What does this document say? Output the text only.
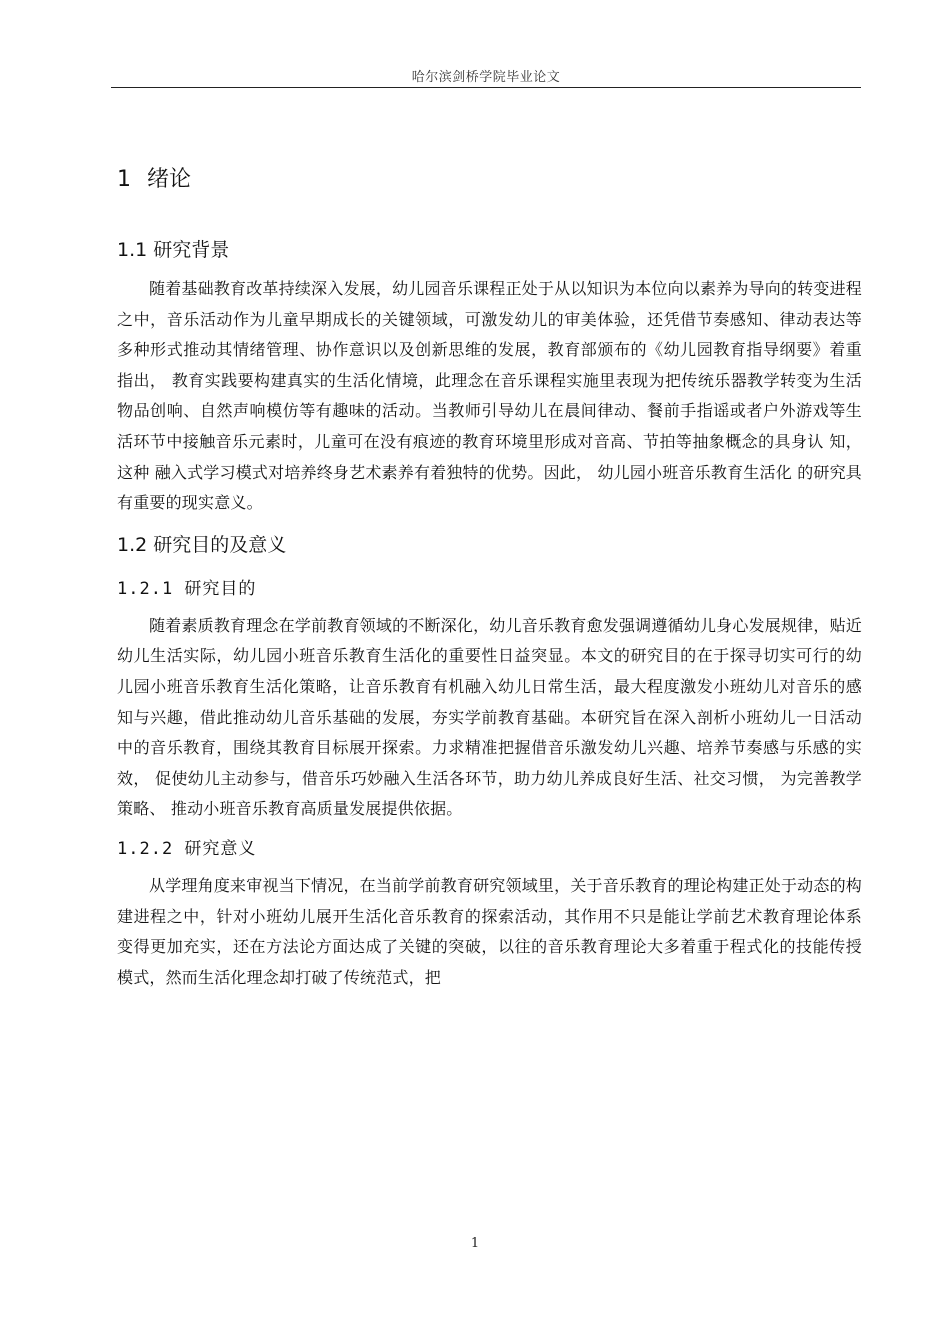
哈尔滨剑桥学院毕业论文
1 绪论
1.1 研究背景

随着基础教育改革持续深入发展，幼儿园音乐课程正处于从以知识为本位向以素养为导向的转变进程之中，音乐活动作为儿童早期成长的关键领域，可激发幼儿的审美体验，还凭借节奏感知、律动表达等多种形式推动其情绪管理、协作意识以及创新思维的发展，教育部颁布的《幼儿园教育指导纲要》着重指出， 教育实践要构建真实的生活化情境，此理念在音乐课程实施里表现为把传统乐器教学转变为生活物品创响、自然声响模仿等有趣味的活动。当教师引导幼儿在晨间律动、餐前手指谣或者户外游戏等生活环节中接触音乐元素时，儿童可在没有痕迹的教育环境里形成对音高、节拍等抽象概念的具身认 知， 这种 融入式学习模式对培养终身艺术素养有着独特的优势。因此， 幼儿园小班音乐教育生活化 的研究具有重要的现实意义。

1.2 研究目的及意义
1.2.1 研究目的

随着素质教育理念在学前教育领域的不断深化，幼儿音乐教育愈发强调遵循幼儿身心发展规律，贴近幼儿生活实际，幼儿园小班音乐教育生活化的重要性日益突显。本文的研究目的在于探寻切实可行的幼儿园小班音乐教育生活化策略，让音乐教育有机融入幼儿日常生活，最大程度激发小班幼儿对音乐的感知与兴趣，借此推动幼儿音乐基础的发展，夯实学前教育基础。本研究旨在深入剖析小班幼儿一日活动中的音乐教育，围绕其教育目标展开探索。力求精准把握借音乐激发幼儿兴趣、培养节奏感与乐感的实效， 促使幼儿主动参与，借音乐巧妙融入生活各环节，助力幼儿养成良好生活、社交习惯， 为完善教学 策略、 推动小班音乐教育高质量发展提供依据。

1.2.2 研究意义

从学理角度来审视当下情况，在当前学前教育研究领域里，关于音乐教育的理论构建正处于动态的构建进程之中，针对小班幼儿展开生活化音乐教育的探索活动，其作用不只是能让学前艺术教育理论体系变得更加充实，还在方法论方面达成了关键的突破，以往的音乐教育理论大多着重于程式化的技能传授模式，然而生活化理念却打破了传统范式，把

1
